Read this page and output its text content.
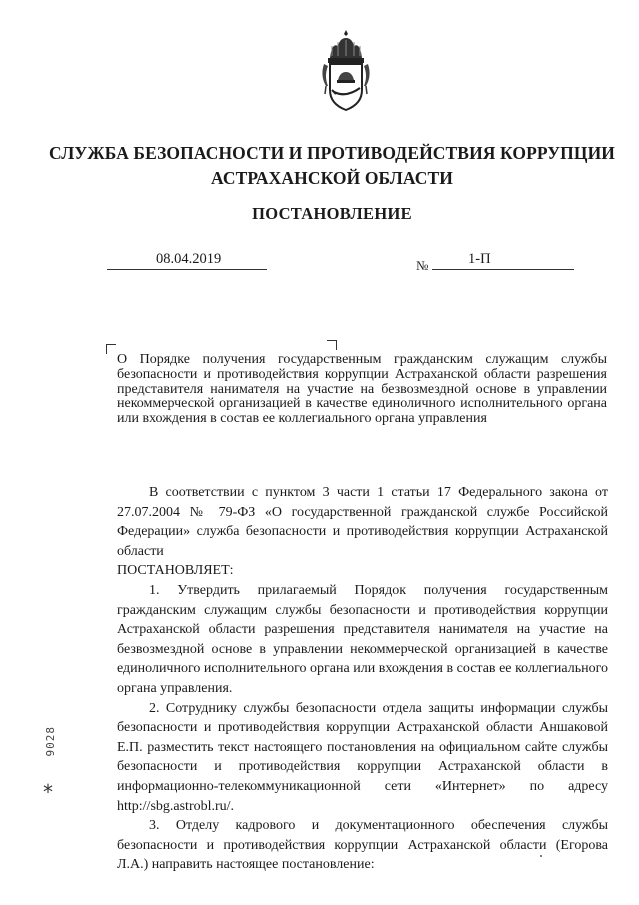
СЛУЖБА БЕЗОПАСНОСТИ И ПРОТИВОДЕЙСТВИЯ КОРРУПЦИИ
АСТРАХАНСКОЙ ОБЛАСТИ
ПОСТАНОВЛЕНИЕ
08.04.2019	№	1-П
О Порядке получения государственным гражданским служащим службы безопасности и противодействия коррупции Астраханской области разрешения представителя нанимателя на участие на безвозмездной основе в управлении некоммерческой организацией в качестве единоличного исполнительного органа или вхождения в состав ее коллегиального органа управления

В соответствии с пунктом 3 части 1 статьи 17 Федерального закона от 27.07.2004 № 79-ФЗ «О государственной гражданской службе Российской Федерации» служба безопасности и противодействия коррупции Астраханской области

ПОСТАНОВЛЯЕТ:

1. Утвердить прилагаемый Порядок получения государственным гражданским служащим службы безопасности и противодействия коррупции Астраханской области разрешения представителя нанимателя на участие на безвозмездной основе в управлении некоммерческой организацией в качестве единоличного исполнительного органа или вхождения в состав ее коллегиального органа управления.

2. Сотруднику службы безопасности отдела защиты информации службы безопасности и противодействия коррупции Астраханской области Аншаковой Е.П. разместить текст настоящего постановления на официальном сайте службы безопасности и противодействия коррупции Астраханской области в информационно-телекоммуникационной сети «Интернет» по адресу http://sbg.astrobl.ru/.

3. Отделу кадрового и документационного обеспечения службы безопасности и противодействия коррупции Астраханской области (Егорова Л.А.) направить настоящее постановление:

9028
*
